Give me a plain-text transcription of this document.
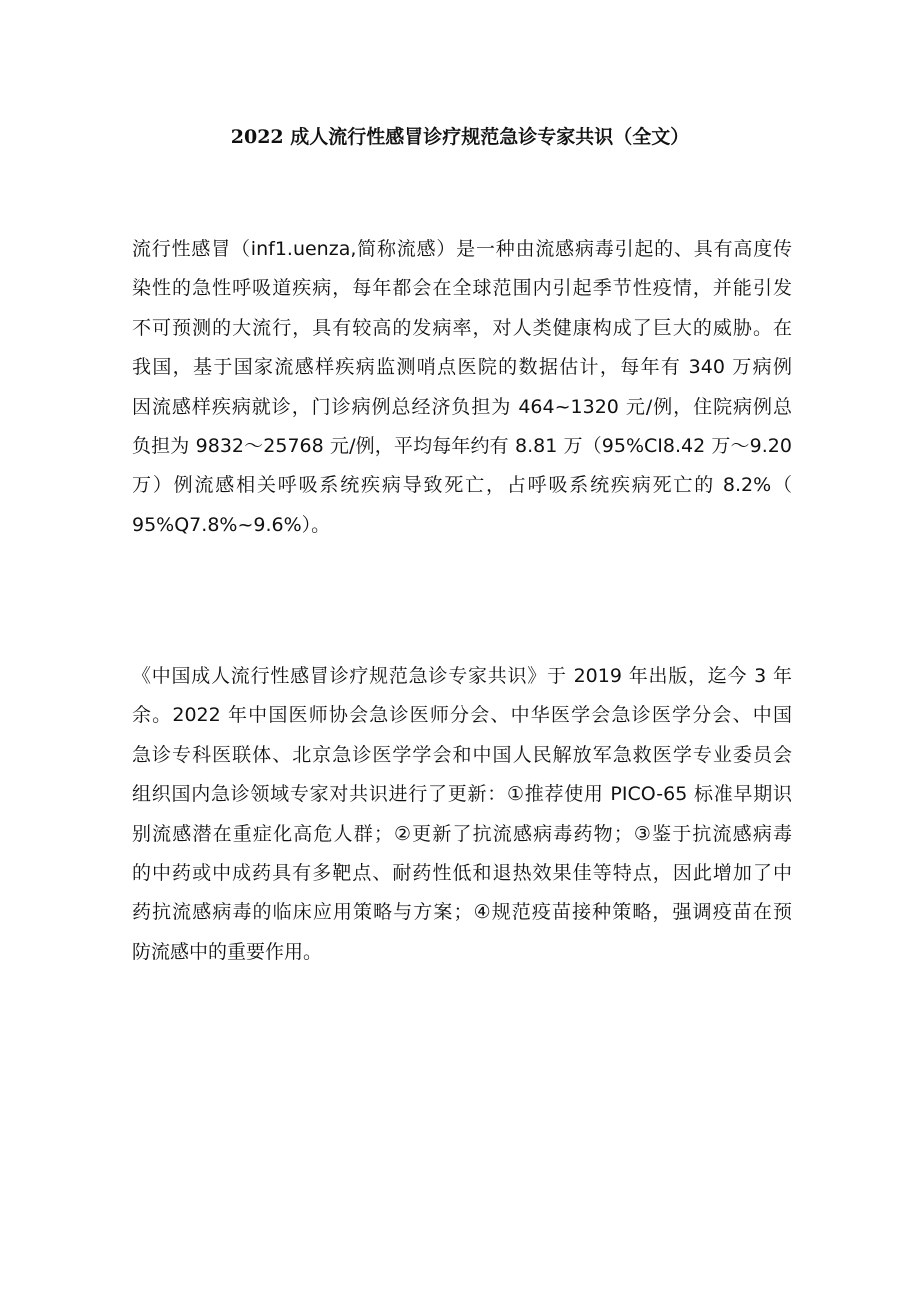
2022 成人流行性感冒诊疗规范急诊专家共识（全文）
流行性感冒（inf1.uenza,简称流感）是一种由流感病毒引起的、具有高度传
染性的急性呼吸道疾病，每年都会在全球范围内引起季节性疫情，并能引发
不可预测的大流行，具有较高的发病率，对人类健康构成了巨大的威胁。在
我国，基于国家流感样疾病监测哨点医院的数据估计，每年有 340 万病例
因流感样疾病就诊，门诊病例总经济负担为 464~1320 元/例，住院病例总
负担为 9832～25768 元/例，平均每年约有 8.81 万（95%CI8.42 万～9.20
万）例流感相关呼吸系统疾病导致死亡，占呼吸系统疾病死亡的 8.2%（
95%Q7.8%~9.6%）。
《中国成人流行性感冒诊疗规范急诊专家共识》于 2019 年出版，迄今 3 年
余。2022 年中国医师协会急诊医师分会、中华医学会急诊医学分会、中国
急诊专科医联体、北京急诊医学学会和中国人民解放军急救医学专业委员会
组织国内急诊领域专家对共识进行了更新：①推荐使用 PICO-65 标准早期识
别流感潜在重症化高危人群；②更新了抗流感病毒药物；③鉴于抗流感病毒
的中药或中成药具有多靶点、耐药性低和退热效果佳等特点，因此增加了中
药抗流感病毒的临床应用策略与方案；④规范疫苗接种策略，强调疫苗在预
防流感中的重要作用。
